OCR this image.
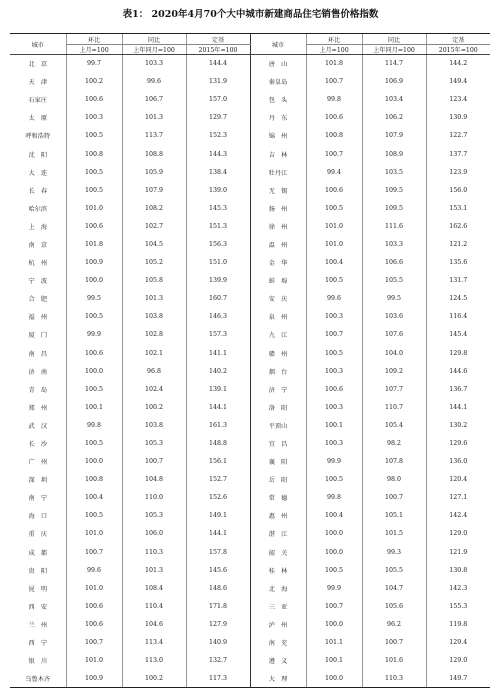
表1： 2020年4月70个大中城市新建商品住宅销售价格指数
城市	环比	同比	定基	城市	环比	同比	定基
	上月=100	上年同月=100	2015年=100		上月=100	上年同月=100	2015年=100
北　京	99.7	103.3	144.4	唐　山	101.8	114.7	144.2
天　津	100.2	99.6	131.9	秦皇岛	100.7	106.9	149.4
石家庄	100.6	106.7	157.0	包　头	99.8	103.4	123.4
太　原	100.3	101.3	129.7	丹　东	100.6	106.2	130.9
呼和浩特	100.5	113.7	152.3	锦　州	100.8	107.9	122.7
沈　阳	100.8	108.8	144.3	吉　林	100.7	108.9	137.7
大　连	100.5	105.9	138.4	牡丹江	99.4	103.5	123.9
长　春	100.5	107.9	139.0	无　锡	100.6	109.5	156.0
哈尔滨	101.0	108.2	145.3	扬　州	100.5	109.5	153.1
上　海	100.6	102.7	151.3	徐　州	101.0	111.6	162.6
南　京	101.8	104.5	156.3	温　州	101.0	103.3	121.2
杭　州	100.9	105.2	151.0	金　华	100.4	106.6	135.6
宁　波	100.0	105.8	139.9	蚌　埠	100.5	105.5	131.7
合　肥	99.5	101.3	160.7	安　庆	99.6	99.5	124.5
福　州	100.5	103.8	146.3	泉　州	100.3	103.6	116.4
厦　门	99.9	102.8	157.3	九　江	100.7	107.6	145.4
南　昌	100.6	102.1	141.1	赣　州	100.5	104.0	129.8
济　南	100.0	96.8	140.2	烟　台	100.3	109.2	144.6
青　岛	100.5	102.4	139.1	济　宁	100.6	107.7	136.7
郑　州	100.1	100.2	144.1	洛　阳	100.3	110.7	144.1
武　汉	99.8	103.8	161.3	平顶山	100.1	105.4	130.2
长　沙	100.5	105.3	148.8	宜　昌	100.3	98.2	129.6
广　州	100.0	100.7	156.1	襄　阳	99.9	107.8	136.0
深　圳	100.8	104.8	152.7	岳　阳	100.5	98.0	120.4
南　宁	100.4	110.0	152.6	常　德	99.8	100.7	127.1
海　口	100.5	105.3	149.1	惠　州	100.4	105.1	142.4
重　庆	101.0	106.0	144.1	湛　江	100.0	101.5	129.0
成　都	100.7	110.3	157.8	韶　关	100.0	99.3	121.9
贵　阳	99.6	101.3	145.6	桂　林	100.5	105.5	130.8
昆　明	101.0	108.4	148.6	北　海	99.9	104.7	142.3
西　安	100.6	110.4	171.8	三　亚	100.7	105.6	155.3
兰　州	100.6	104.6	127.9	泸　州	100.0	96.2	119.8
西　宁	100.7	113.4	140.9	南　充	101.1	100.7	129.4
银　川	101.0	113.0	132.7	遵　义	100.1	101.6	129.0
乌鲁木齐	100.9	100.2	117.3	大　理	100.0	110.3	149.7
